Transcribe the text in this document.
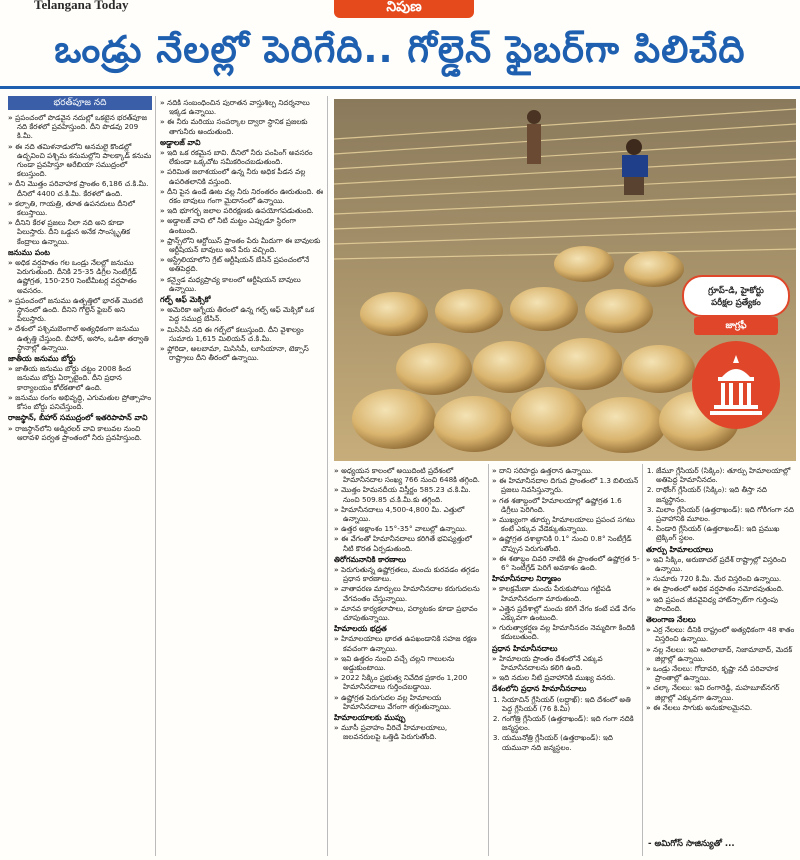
Telangana Today	నిపుణ
ఒండ్రు నేలల్లో పెరిగేది.. గోల్డెన్ ఫైబర్‌గా పిలిచేది
భరత్‌పూజ నది

» ప్రపంచంలో పొడవైన నదుల్లో ఒకటైన భరత్‌పూజ నది కేరళలో ప్రవహిస్తుంది. దీని పొడవు 209 కి.మీ.

» ఈ నది తమిళనాడులోని అనమలై కొండల్లో ఉద్భవించి పశ్చిమ కనుమల్లోని పాలక్కాడ్ కనుమ గుండా ప్రవహిస్తూ అరేబియా సముద్రంలో కలుస్తుంది.

» దీని మొత్తం పరివాహక ప్రాంతం 6,186 చ.కి.మీ. దీనిలో 4400 చ.కి.మీ. కేరళలో ఉంది.

» కల్పాతి, గాయత్రి, తూత ఉపనదులు దీనిలో కలుస్తాయి.

» దీనిని కేరళ ప్రజలు నీలా నది అని కూడా పిలుస్తారు. దీని ఒడ్డున అనేక సాంస్కృతిక కేంద్రాలు ఉన్నాయి.

జనుము పంట

» అధిక వర్షపాతం గల ఒండ్రు నేలల్లో జనుము పెరుగుతుంది. దీనికి 25-35 డిగ్రీల సెంటీగ్రేడ్ ఉష్ణోగ్రత, 150-250 సెంటీమీటర్ల వర్షపాతం అవసరం.

» ప్రపంచంలో జనుము ఉత్పత్తిలో భారత్ మొదటి స్థానంలో ఉంది. దీనిని గోల్డెన్ ఫైబర్ అని పిలుస్తారు.

» దేశంలో పశ్చిమబెంగాల్ అత్యధికంగా జనుము ఉత్పత్తి చేస్తుంది. బీహార్, అసోం, ఒడిశా తర్వాతి స్థానాల్లో ఉన్నాయి.

జాతీయ జనుము బోర్డు

» జాతీయ జనుము బోర్డు చట్టం 2008 కింద జనుము బోర్డు ఏర్పాటైంది. దీని ప్రధాన కార్యాలయం కోల్‌కతాలో ఉంది.

» జనుము రంగం అభివృద్ధి, ఎగుమతుల ప్రోత్సాహం కోసం బోర్డు పనిచేస్తుంది.

రాజస్థాన్, బీహార్ సముద్రంలో ఇతరిపాపాన్ వావి

» రాజస్థాన్‌లోని అడ్మిరలర్ వావి కాలువల నుంచి ఆరావళి పర్వత ప్రాంతంలో నీరు ప్రవహిస్తుంది.

» నదికి సంబంధించిన పురాతన వాస్తుశిల్ప నిదర్శనాలు ఇక్కడ ఉన్నాయి.

» ఈ నీరు మరియు సంపర్కాల ద్వారా స్థానిక ప్రజలకు తాగునీరు అందుతుంది.

అడ్డాలజ్ వావి

» ఇది ఒక రకమైన బావి. దీనిలో నీరు పంపింగ్ అవసరం లేకుండా ఒక్కచోట సమీకరించబడుతుంది.

» పరిమిత జలాశయంలో ఉన్న నీరు అధిక పీడన వల్ల ఉపరితలానికి వస్తుంది.

» దీని పైన ఉండే ఊట వల్ల నీరు నిరంతరం ఊరుతుంది. ఈ రకం బావులు గంగా మైదానంలో ఉన్నాయి.

» ఇది భూగర్భ జలాల పరిరక్షణకు ఉపయోగపడుతుంది.

» అడ్డాలజ్ వావి లో నీటి మట్టం ఎప్పుడూ స్థిరంగా ఉంటుంది.

» ఫ్రాన్స్‌లోని ఆర్టోయిస్ ప్రాంతం పేరు మీదుగా ఈ బావులకు ఆర్టీషియన్ బావులు అనే పేరు వచ్చింది.

» ఆస్ట్రేలియాలోని గ్రేట్ ఆర్టీషియన్ బేసిన్ ప్రపంచంలోనే అతిపెద్దది.

» కన్వైడ మధ్యప్రాచ్య కాలంలో ఆర్టీషియన్ బావులు ఉన్నాయి.

గల్ఫ్ ఆఫ్ మెక్సికో

» అమెరికా ఆగ్నేయ తీరంలో ఉన్న గల్ఫ్ ఆఫ్ మెక్సికో ఒక పెద్ద సముద్ర బేసిన్.

» మిసిసిపీ నది ఈ గల్ఫ్‌లో కలుస్తుంది. దీని వైశాల్యం సుమారు 1,615 మిలియన్ చ.కి.మీ.

» ఫ్లోరిడా, అలబామా, మిసిసిపీ, లూసియానా, టెక్సాస్ రాష్ట్రాలు దీని తీరంలో ఉన్నాయి.

» అధ్యయన కాలంలో అయిదింటి ప్రదేశంలో హిమానీనదాల సంఖ్య 766 నుంచి 648కి తగ్గింది.

» మొత్తం హిమనదీయ విస్తీర్ణం 585.23 చ.కి.మీ. నుంచి 509.85 చ.కి.మీ.కు తగ్గింది.

» హిమానీనదాలు 4,500-4,800 మీ. ఎత్తులో ఉన్నాయి.

» ఉత్తర అక్షాంశం 15°-35° వాలుల్లో ఉన్నాయి.

» ఈ వేగంతో హిమానీనదాలు కరిగితే భవిష్యత్తులో నీటి కొరత ఏర్పడుతుంది.

తిరోగమనానికి కారణాలు

» పెరుగుతున్న ఉష్ణోగ్రతలు, మంచు కురవడం తగ్గడం ప్రధాన కారణాలు.

» వాతావరణ మార్పులు హిమానీనదాల కరుగుదలను వేగవంతం చేస్తున్నాయి.

» మానవ కార్యకలాపాలు, పర్యాటకం కూడా ప్రభావం చూపుతున్నాయి.

హిమాలయ భద్రత

» హిమాలయాలు భారత ఉపఖండానికి సహజ రక్షణ కవచంగా ఉన్నాయి.

» ఇవి ఉత్తరం నుంచి వచ్చే చల్లని గాలులను అడ్డుకుంటాయి.

» 2022 సిక్కిం ప్రభుత్వ నివేదిక ప్రకారం 1,200 హిమానీనదాలు గుర్తించబడ్డాయి.

» ఉష్ణోగ్రత పెరుగుదల వల్ల హిమాలయ హిమానీనదాలు వేగంగా తగ్గుతున్నాయి.

హిమాలయాలకు ముప్పు

» మూసీ ప్రవాహం వీరిచే హిమాలయాలు, జలవనరులపై ఒత్తిడి పెరుగుతోంది.

» దాని సరిహద్దు ఉత్తరాన ఉన్నాయి.

» ఈ హిమానీనదాల దిగువ ప్రాంతంలో 1.3 బిలియన్ ప్రజలు నివసిస్తున్నారు.

» గత శతాబ్దంలో హిమాలయాల్లో ఉష్ణోగ్రత 1.6 డిగ్రీలు పెరిగింది.

» ముఖ్యంగా తూర్పు హిమాలయాలు ప్రపంచ సగటు కంటే ఎక్కువ వేడెక్కుతున్నాయి.

» ఉష్ణోగ్రత దశాబ్దానికి 0.1° నుంచి 0.8° సెంటీగ్రేడ్ చొప్పున పెరుగుతోంది.

» ఈ శతాబ్దం చివరి నాటికి ఈ ప్రాంతంలో ఉష్ణోగ్రత 5-6° సెంటీగ్రేడ్ పెరిగే అవకాశం ఉంది.

హిమానీనదాల నిర్మాణం

» కాలక్రమేణా మంచు పేరుకుపోయి గట్టిపడి హిమానీనదంగా మారుతుంది.

» ఎత్తైన ప్రదేశాల్లో మంచు కరిగే వేగం కంటే పడే వేగం ఎక్కువగా ఉంటుంది.

» గురుత్వాకర్షణ వల్ల హిమానీనదం నెమ్మదిగా కిందికి కదులుతుంది.

ప్రధాన హిమానీనదాలు

» హిమాలయ ప్రాంతం దేశంలోనే ఎక్కువ హిమానీనదాలను కలిగి ఉంది.

» ఇది నదుల నీటి ప్రవాహానికి ముఖ్య వనరు.

దేశంలోని ప్రధాన హిమానీనదాలు
1. సియాచిన్ గ్లేసియర్ (లద్దాఖ్): ఇది దేశంలో అతి పెద్ద గ్లేసియర్ (76 కి.మీ)
2. గంగోత్రి గ్లేసియర్ (ఉత్తరాఖండ్): ఇది గంగా నదికి జన్మస్థలం.
3. యమునోత్రి గ్లేసియర్ (ఉత్తరాఖండ్): ఇది యమునా నది జన్మస్థలం.
1. జేమూ గ్లేసియర్ (సిక్కిం): తూర్పు హిమాలయాల్లో అతిపెద్ద హిమానీనదం.
2. రాథోంగ్ గ్లేసియర్ (సిక్కిం): ఇది తీస్తా నది జన్మస్థానం.
3. మిలాం గ్లేసియర్ (ఉత్తరాఖండ్): ఇది గోరీగంగా నది ప్రవాహానికి మూలం.
4. పిండారి గ్లేసియర్ (ఉత్తరాఖండ్): ఇది ప్రముఖ ట్రెక్కింగ్ స్థలం.
తూర్పు హిమాలయాలు

» ఇవి సిక్కిం, అరుణాచల్ ప్రదేశ్ రాష్ట్రాల్లో విస్తరించి ఉన్నాయి.

» సుమారు 720 కి.మీ. మేర విస్తరించి ఉన్నాయి.

» ఈ ప్రాంతంలో అధిక వర్షపాతం నమోదవుతుంది.

» ఇది ప్రపంచ జీవవైవిధ్య హాట్‌స్పాట్‌గా గుర్తింపు పొందింది.

తెలంగాణ నేలలు

» ఎర్ర నేలలు: దీనికి రాష్ట్రంలో అత్యధికంగా 48 శాతం విస్తరించి ఉన్నాయి.

» నల్ల నేలలు: ఇవి ఆదిలాబాద్, నిజామాబాద్, మెదక్ జిల్లాల్లో ఉన్నాయి.

» ఒండ్రు నేలలు: గోదావరి, కృష్ణా నదీ పరివాహక ప్రాంతాల్లో ఉన్నాయి.

» చల్కా నేలలు: ఇవి రంగారెడ్డి, మహబూబ్‌నగర్ జిల్లాల్లో ఎక్కువగా ఉన్నాయి.

» ఈ నేలలు సాగుకు అనుకూలమైనవి.

గ్రూప్-డి, హైకోర్టు
పరీక్షల ప్రత్యేకం
జాగ్రఫీ
- అమిగోస్ సాజిన్యుతో ...
